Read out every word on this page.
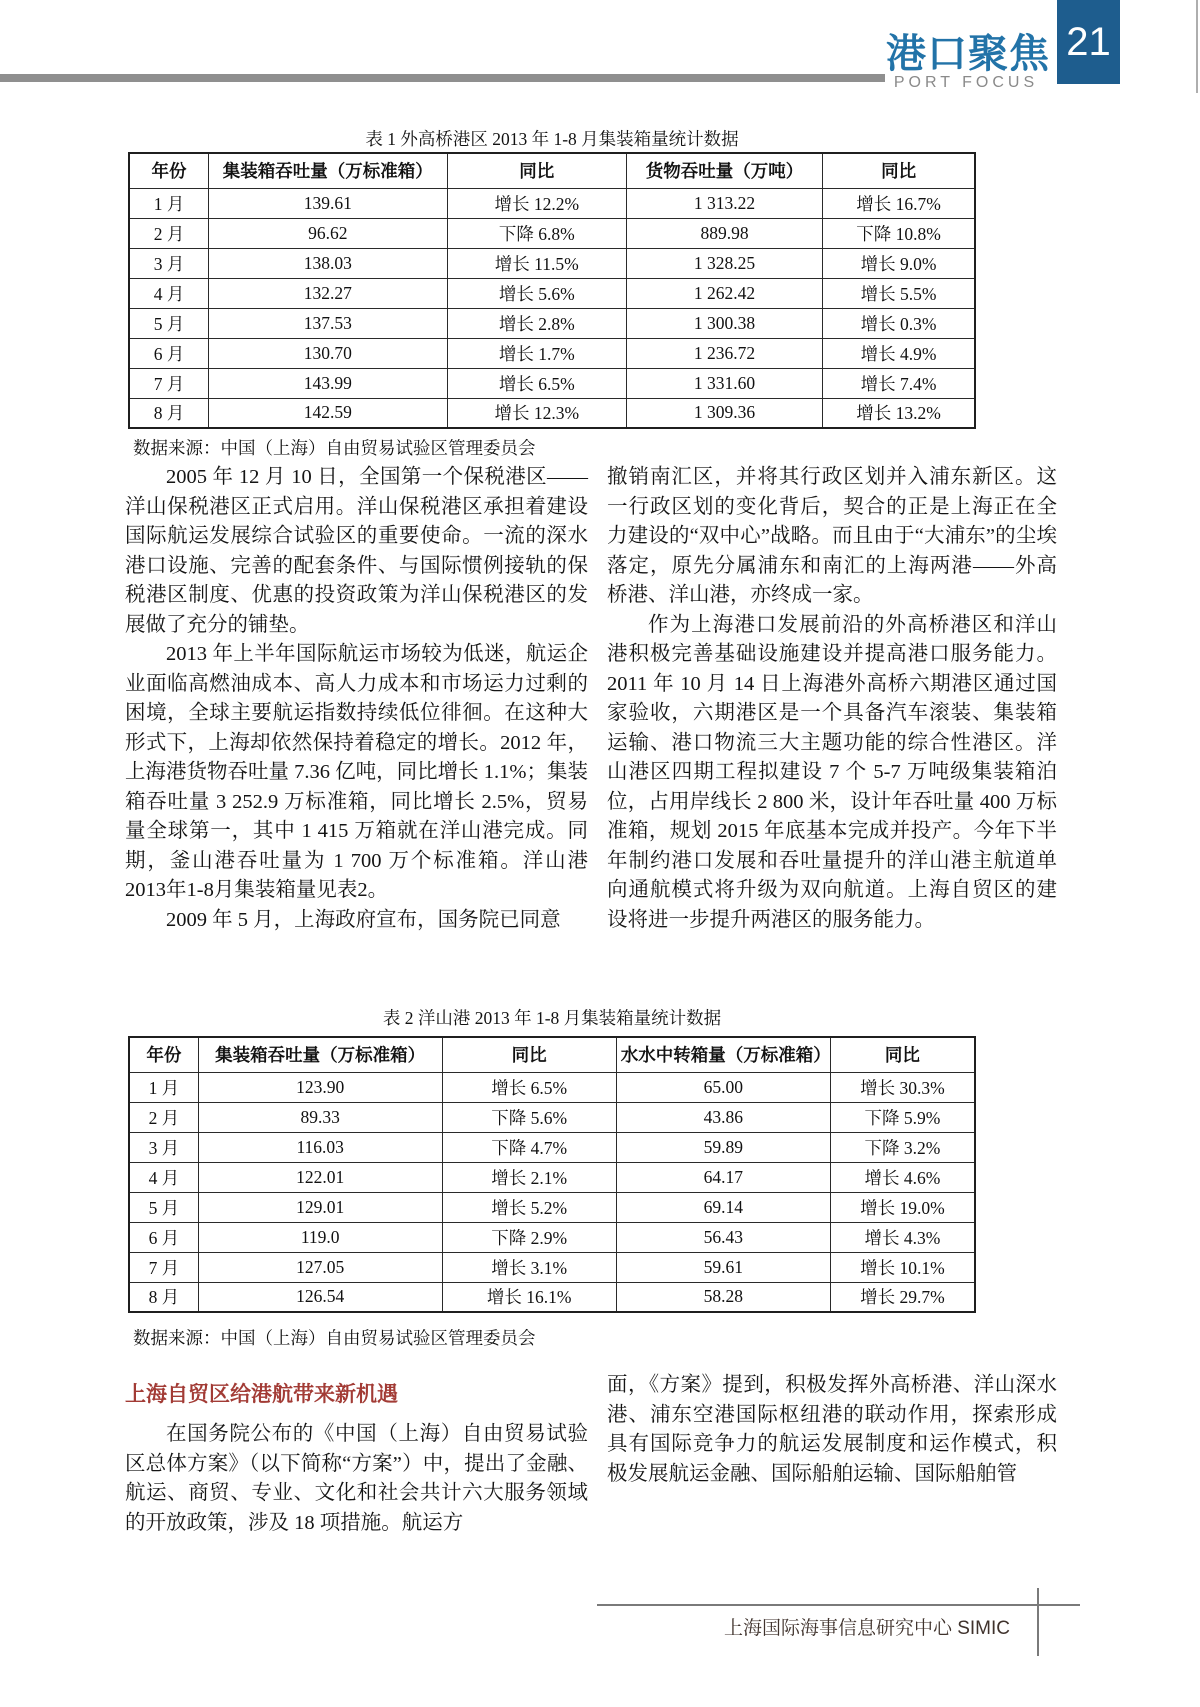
港口聚焦
PORT FOCUS
21
表 1 外高桥港区 2013 年 1-8 月集装箱量统计数据
年份	集装箱吞吐量（万标准箱）	同比	货物吞吐量（万吨）	同比
1 月	139.61	增长 12.2%	1 313.22	增长 16.7%
2 月	96.62	下降 6.8%	889.98	下降 10.8%
3 月	138.03	增长 11.5%	1 328.25	增长 9.0%
4 月	132.27	增长 5.6%	1 262.42	增长 5.5%
5 月	137.53	增长 2.8%	1 300.38	增长 0.3%
6 月	130.70	增长 1.7%	1 236.72	增长 4.9%
7 月	143.99	增长 6.5%	1 331.60	增长 7.4%
8 月	142.59	增长 12.3%	1 309.36	增长 13.2%
数据来源：中国（上海）自由贸易试验区管理委员会

2005 年 12 月 10 日，全国第一个保税港区——洋山保税港区正式启用。洋山保税港区承担着建设国际航运发展综合试验区的重要使命。一流的深水港口设施、完善的配套条件、与国际惯例接轨的保税港区制度、优惠的投资政策为洋山保税港区的发展做了充分的铺垫。

2013 年上半年国际航运市场较为低迷，航运企业面临高燃油成本、高人力成本和市场运力过剩的困境，全球主要航运指数持续低位徘徊。在这种大形式下，上海却依然保持着稳定的增长。2012 年，上海港货物吞吐量 7.36 亿吨，同比增长 1.1%；集装箱吞吐量 3 252.9 万标准箱，同比增长 2.5%，贸易量全球第一，其中 1 415 万箱就在洋山港完成。同期，釜山港吞吐量为 1 700 万个标准箱。洋山港2013年1-8月集装箱量见表2。

2009 年 5 月，上海政府宣布，国务院已同意

撤销南汇区，并将其行政区划并入浦东新区。这一行政区划的变化背后，契合的正是上海正在全力建设的“双中心”战略。而且由于“大浦东”的尘埃落定，原先分属浦东和南汇的上海两港——外高桥港、洋山港，亦终成一家。

作为上海港口发展前沿的外高桥港区和洋山港积极完善基础设施建设并提高港口服务能力。2011 年 10 月 14 日上海港外高桥六期港区通过国家验收，六期港区是一个具备汽车滚装、集装箱运输、港口物流三大主题功能的综合性港区。洋山港区四期工程拟建设 7 个 5-7 万吨级集装箱泊位，占用岸线长 2 800 米，设计年吞吐量 400 万标准箱，规划 2015 年底基本完成并投产。今年下半年制约港口发展和吞吐量提升的洋山港主航道单向通航模式将升级为双向航道。上海自贸区的建设将进一步提升两港区的服务能力。

表 2 洋山港 2013 年 1-8 月集装箱量统计数据
年份	集装箱吞吐量（万标准箱）	同比	水水中转箱量（万标准箱）	同比
1 月	123.90	增长 6.5%	65.00	增长 30.3%
2 月	89.33	下降 5.6%	43.86	下降 5.9%
3 月	116.03	下降 4.7%	59.89	下降 3.2%
4 月	122.01	增长 2.1%	64.17	增长 4.6%
5 月	129.01	增长 5.2%	69.14	增长 19.0%
6 月	119.0	下降 2.9%	56.43	增长 4.3%
7 月	127.05	增长 3.1%	59.61	增长 10.1%
8 月	126.54	增长 16.1%	58.28	增长 29.7%
数据来源：中国（上海）自由贸易试验区管理委员会
上海自贸区给港航带来新机遇

在国务院公布的《中国（上海）自由贸易试验区总体方案》（以下简称“方案”）中，提出了金融、航运、商贸、专业、文化和社会共计六大服务领域的开放政策，涉及 18 项措施。航运方

面，《方案》提到，积极发挥外高桥港、洋山深水港、浦东空港国际枢纽港的联动作用，探索形成具有国际竞争力的航运发展制度和运作模式，积极发展航运金融、国际船舶运输、国际船舶管

上海国际海事信息研究中心 SIMIC
